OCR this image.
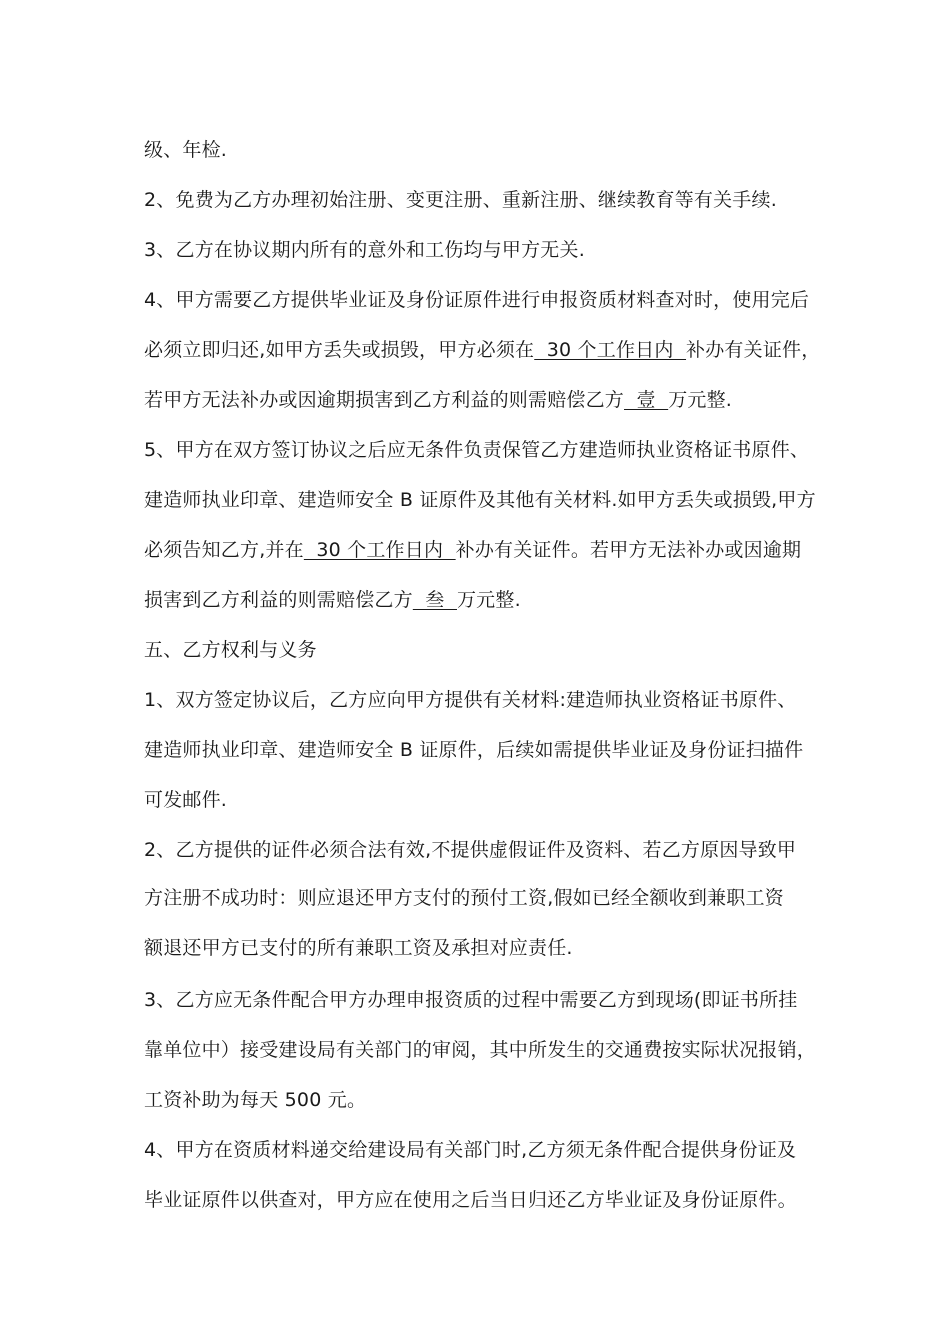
级、年检.
2、免费为乙方办理初始注册、变更注册、重新注册、继续教育等有关手续.
3、乙方在协议期内所有的意外和工伤均与甲方无关.
4、甲方需要乙方提供毕业证及身份证原件进行申报资质材料查对时，使用完后
必须立即归还,如甲方丢失或损毁，甲方必须在  30 个工作日内  补办有关证件，
若甲方无法补办或因逾期损害到乙方利益的则需赔偿乙方  壹  万元整.
5、甲方在双方签订协议之后应无条件负责保管乙方建造师执业资格证书原件、
建造师执业印章、建造师安全 B 证原件及其他有关材料.如甲方丢失或损毁,甲方
必须告知乙方,并在  30 个工作日内  补办有关证件。若甲方无法补办或因逾期
损害到乙方利益的则需赔偿乙方  叁  万元整.
五、乙方权利与义务
1、双方签定协议后，乙方应向甲方提供有关材料:建造师执业资格证书原件、
建造师执业印章、建造师安全 B 证原件，后续如需提供毕业证及身份证扫描件
可发邮件.
2、乙方提供的证件必须合法有效,不提供虚假证件及资料、若乙方原因导致甲
方注册不成功时：则应退还甲方支付的预付工资,假如已经全额收到兼职工资
额退还甲方已支付的所有兼职工资及承担对应责任.
3、乙方应无条件配合甲方办理申报资质的过程中需要乙方到现场(即证书所挂
靠单位中）接受建设局有关部门的审阅，其中所发生的交通费按实际状况报销，
工资补助为每天 500 元。
4、甲方在资质材料递交给建设局有关部门时,乙方须无条件配合提供身份证及
毕业证原件以供查对，甲方应在使用之后当日归还乙方毕业证及身份证原件。
